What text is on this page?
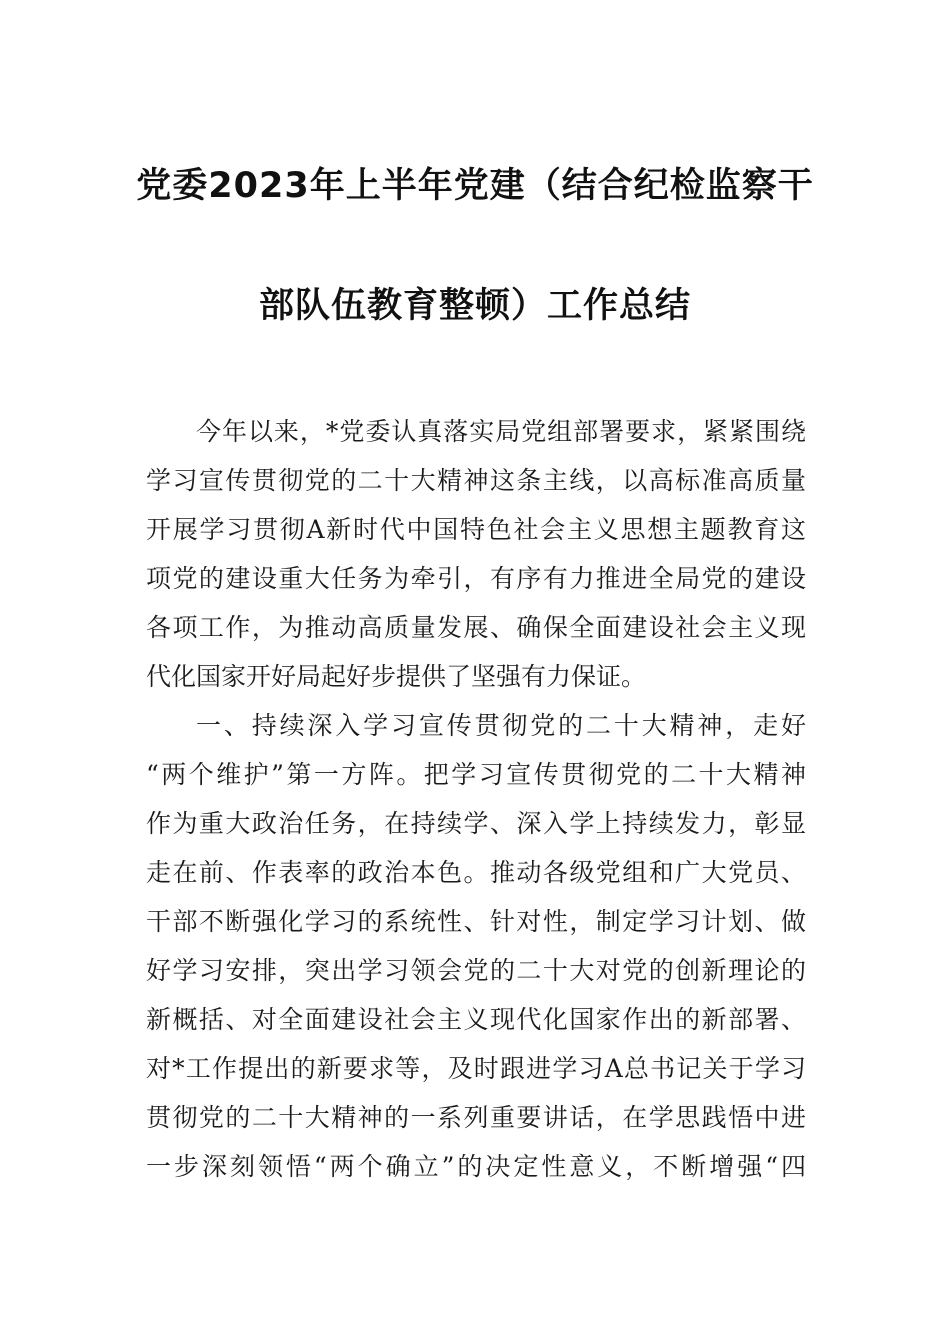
党委2023年上半年党建（结合纪检监察干
部队伍教育整顿）工作总结
今年以来，*党委认真落实局党组部署要求，紧紧围绕
学习宣传贯彻党的二十大精神这条主线，以高标准高质量
开展学习贯彻A新时代中国特色社会主义思想主题教育这
项党的建设重大任务为牵引，有序有力推进全局党的建设
各项工作，为推动高质量发展、确保全面建设社会主义现
代化国家开好局起好步提供了坚强有力保证。
一、持续深入学习宣传贯彻党的二十大精神，走好
“两个维护”第一方阵。把学习宣传贯彻党的二十大精神
作为重大政治任务，在持续学、深入学上持续发力，彰显
走在前、作表率的政治本色。推动各级党组和广大党员、
干部不断强化学习的系统性、针对性，制定学习计划、做
好学习安排，突出学习领会党的二十大对党的创新理论的
新概括、对全面建设社会主义现代化国家作出的新部署、
对*工作提出的新要求等，及时跟进学习A总书记关于学习
贯彻党的二十大精神的一系列重要讲话，在学思践悟中进
一步深刻领悟“两个确立”的决定性意义，不断增强“四
